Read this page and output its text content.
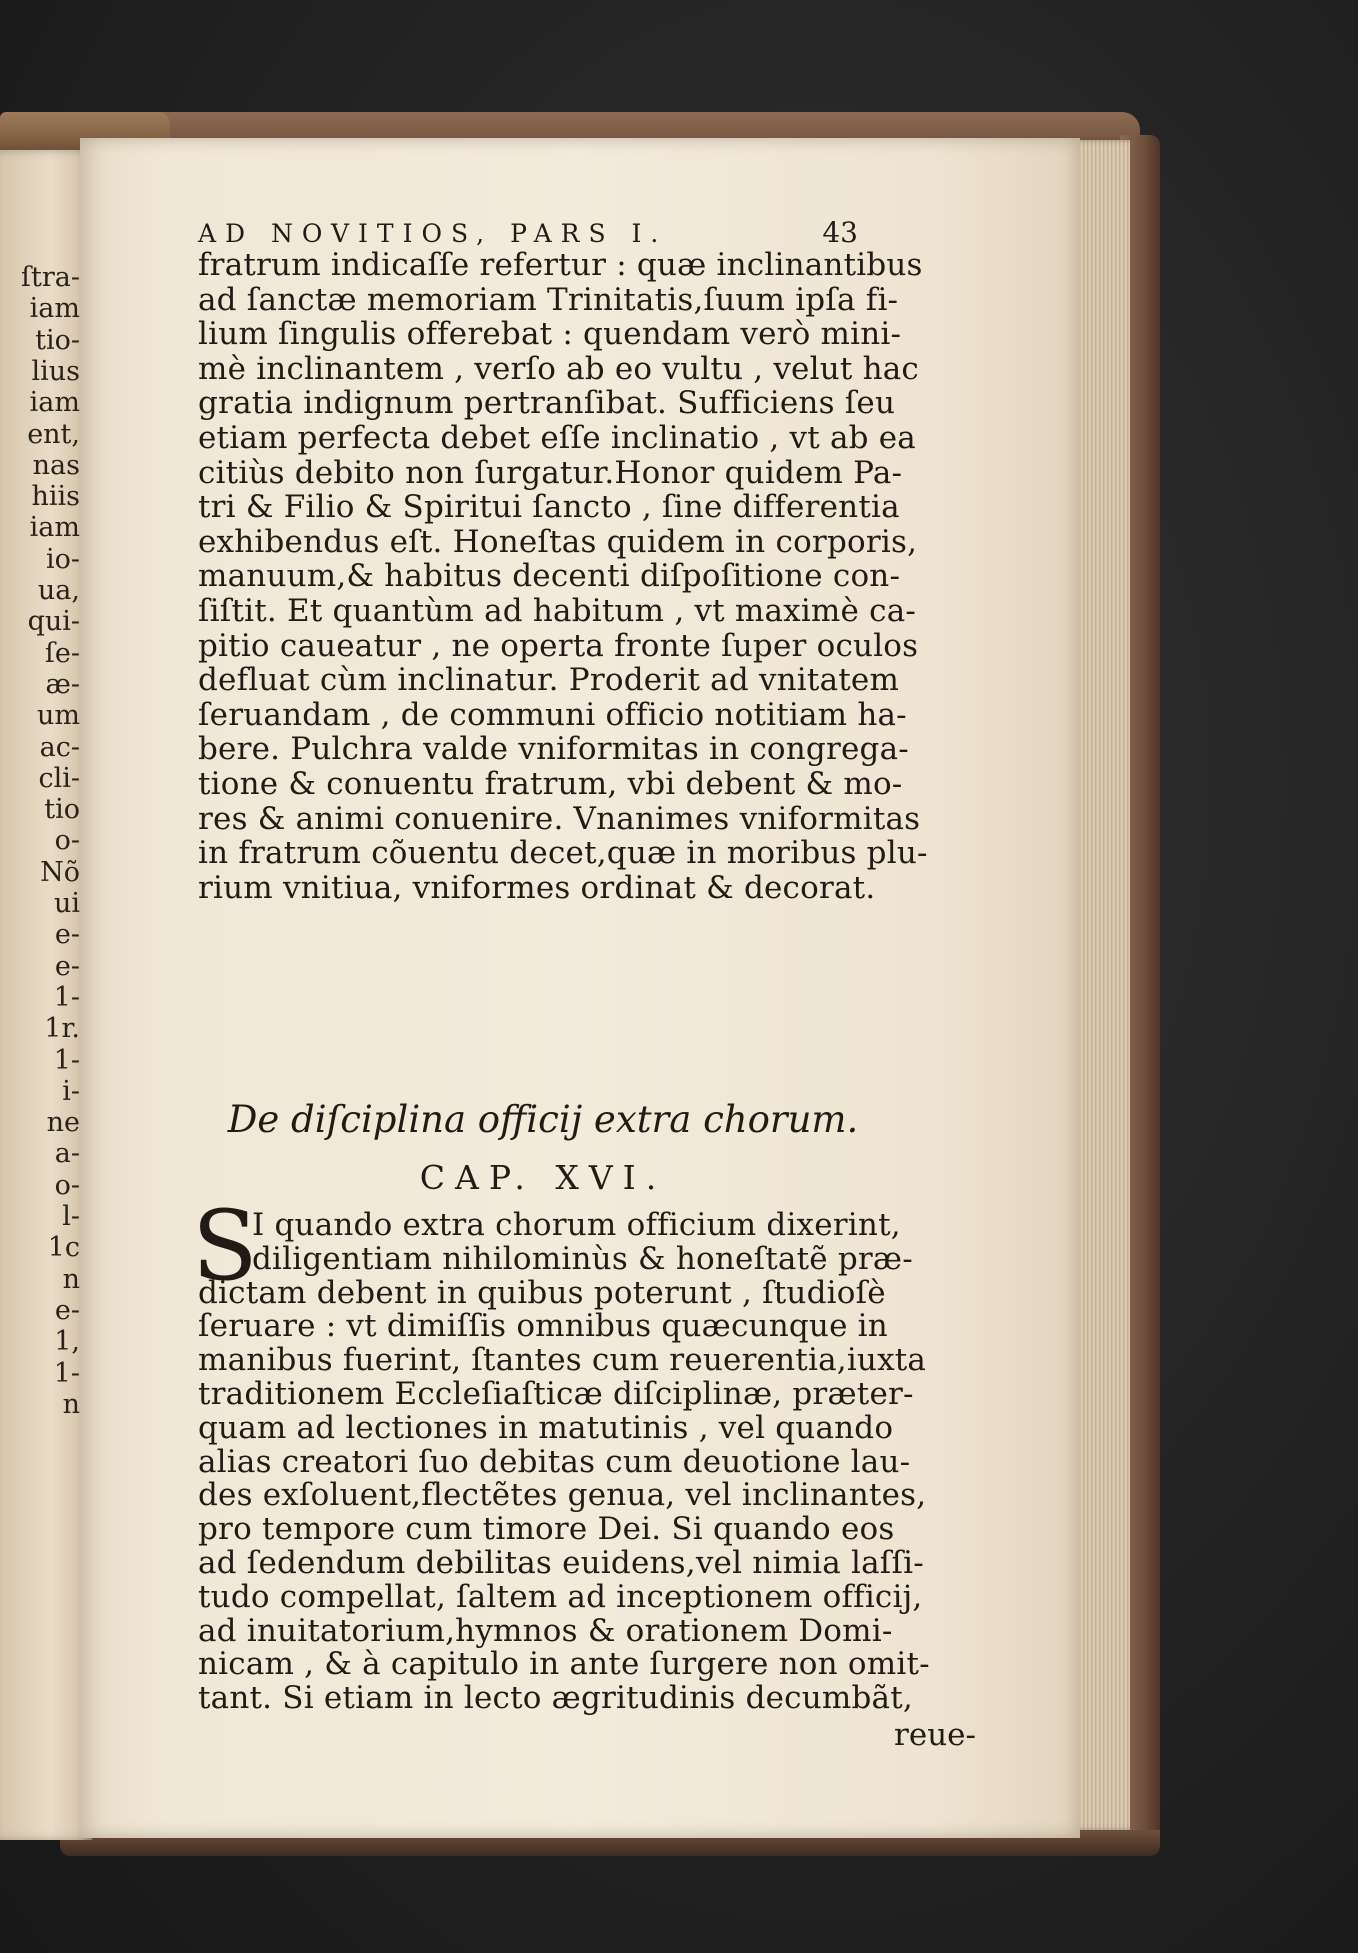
ſtra-
iam
tio-
lius
iam
ent,
nas
hiis
iam
io-
ua,
qui-
ſe-
æ-
um
ac-
cli-
tio
o-
Nõ
ui
e-
e-
1-
1r.
1-
i-
ne
a-
o-
l-
1c
n
e-
1,
1-
n
AD NOVITIOS, PARS I.	43
fratrum indicaſſe refertur : quæ inclinantibus
ad ſanctæ memoriam Trinitatis,ſuum ipſa fi-
lium ſingulis offerebat : quendam verò mini-
mè inclinantem , verſo ab eo vultu , velut hac
gratia indignum pertranſibat. Sufficiens ſeu
etiam perfecta debet eſſe inclinatio , vt ab ea
citiùs debito non ſurgatur.Honor quidem Pa-
tri & Filio & Spiritui ſancto , ſine differentia
exhibendus eſt. Honeſtas quidem in corporis,
manuum,& habitus decenti diſpoſitione con-
ſiſtit. Et quantùm ad habitum , vt maximè ca-
pitio caueatur , ne operta fronte ſuper oculos
defluat cùm inclinatur. Proderit ad vnitatem
ſeruandam , de communi officio notitiam ha-
bere. Pulchra valde vniformitas in congrega-
tione & conuentu fratrum, vbi debent & mo-
res & animi conuenire. Vnanimes vniformitas
in fratrum cõuentu decet,quæ in moribus plu-
rium vnitiua, vniformes ordinat & decorat.
De diſciplina officij extra chorum.
CAP. XVI.
S
I quando extra chorum officium dixerint,
diligentiam nihilominùs & honeſtatẽ præ-
dictam debent in quibus poterunt , ſtudioſè
ſeruare : vt dimiſſis omnibus quæcunque in
manibus fuerint, ſtantes cum reuerentia,iuxta
traditionem Eccleſiaſticæ diſciplinæ, præter-
quam ad lectiones in matutinis , vel quando
alias creatori ſuo debitas cum deuotione lau-
des exſoluent,flectẽtes genua, vel inclinantes,
pro tempore cum timore Dei. Si quando eos
ad ſedendum debilitas euidens,vel nimia laſſi-
tudo compellat, ſaltem ad inceptionem officij,
ad inuitatorium,hymnos & orationem Domi-
nicam , & à capitulo in ante ſurgere non omit-
tant. Si etiam in lecto ægritudinis decumbãt,
reue-
